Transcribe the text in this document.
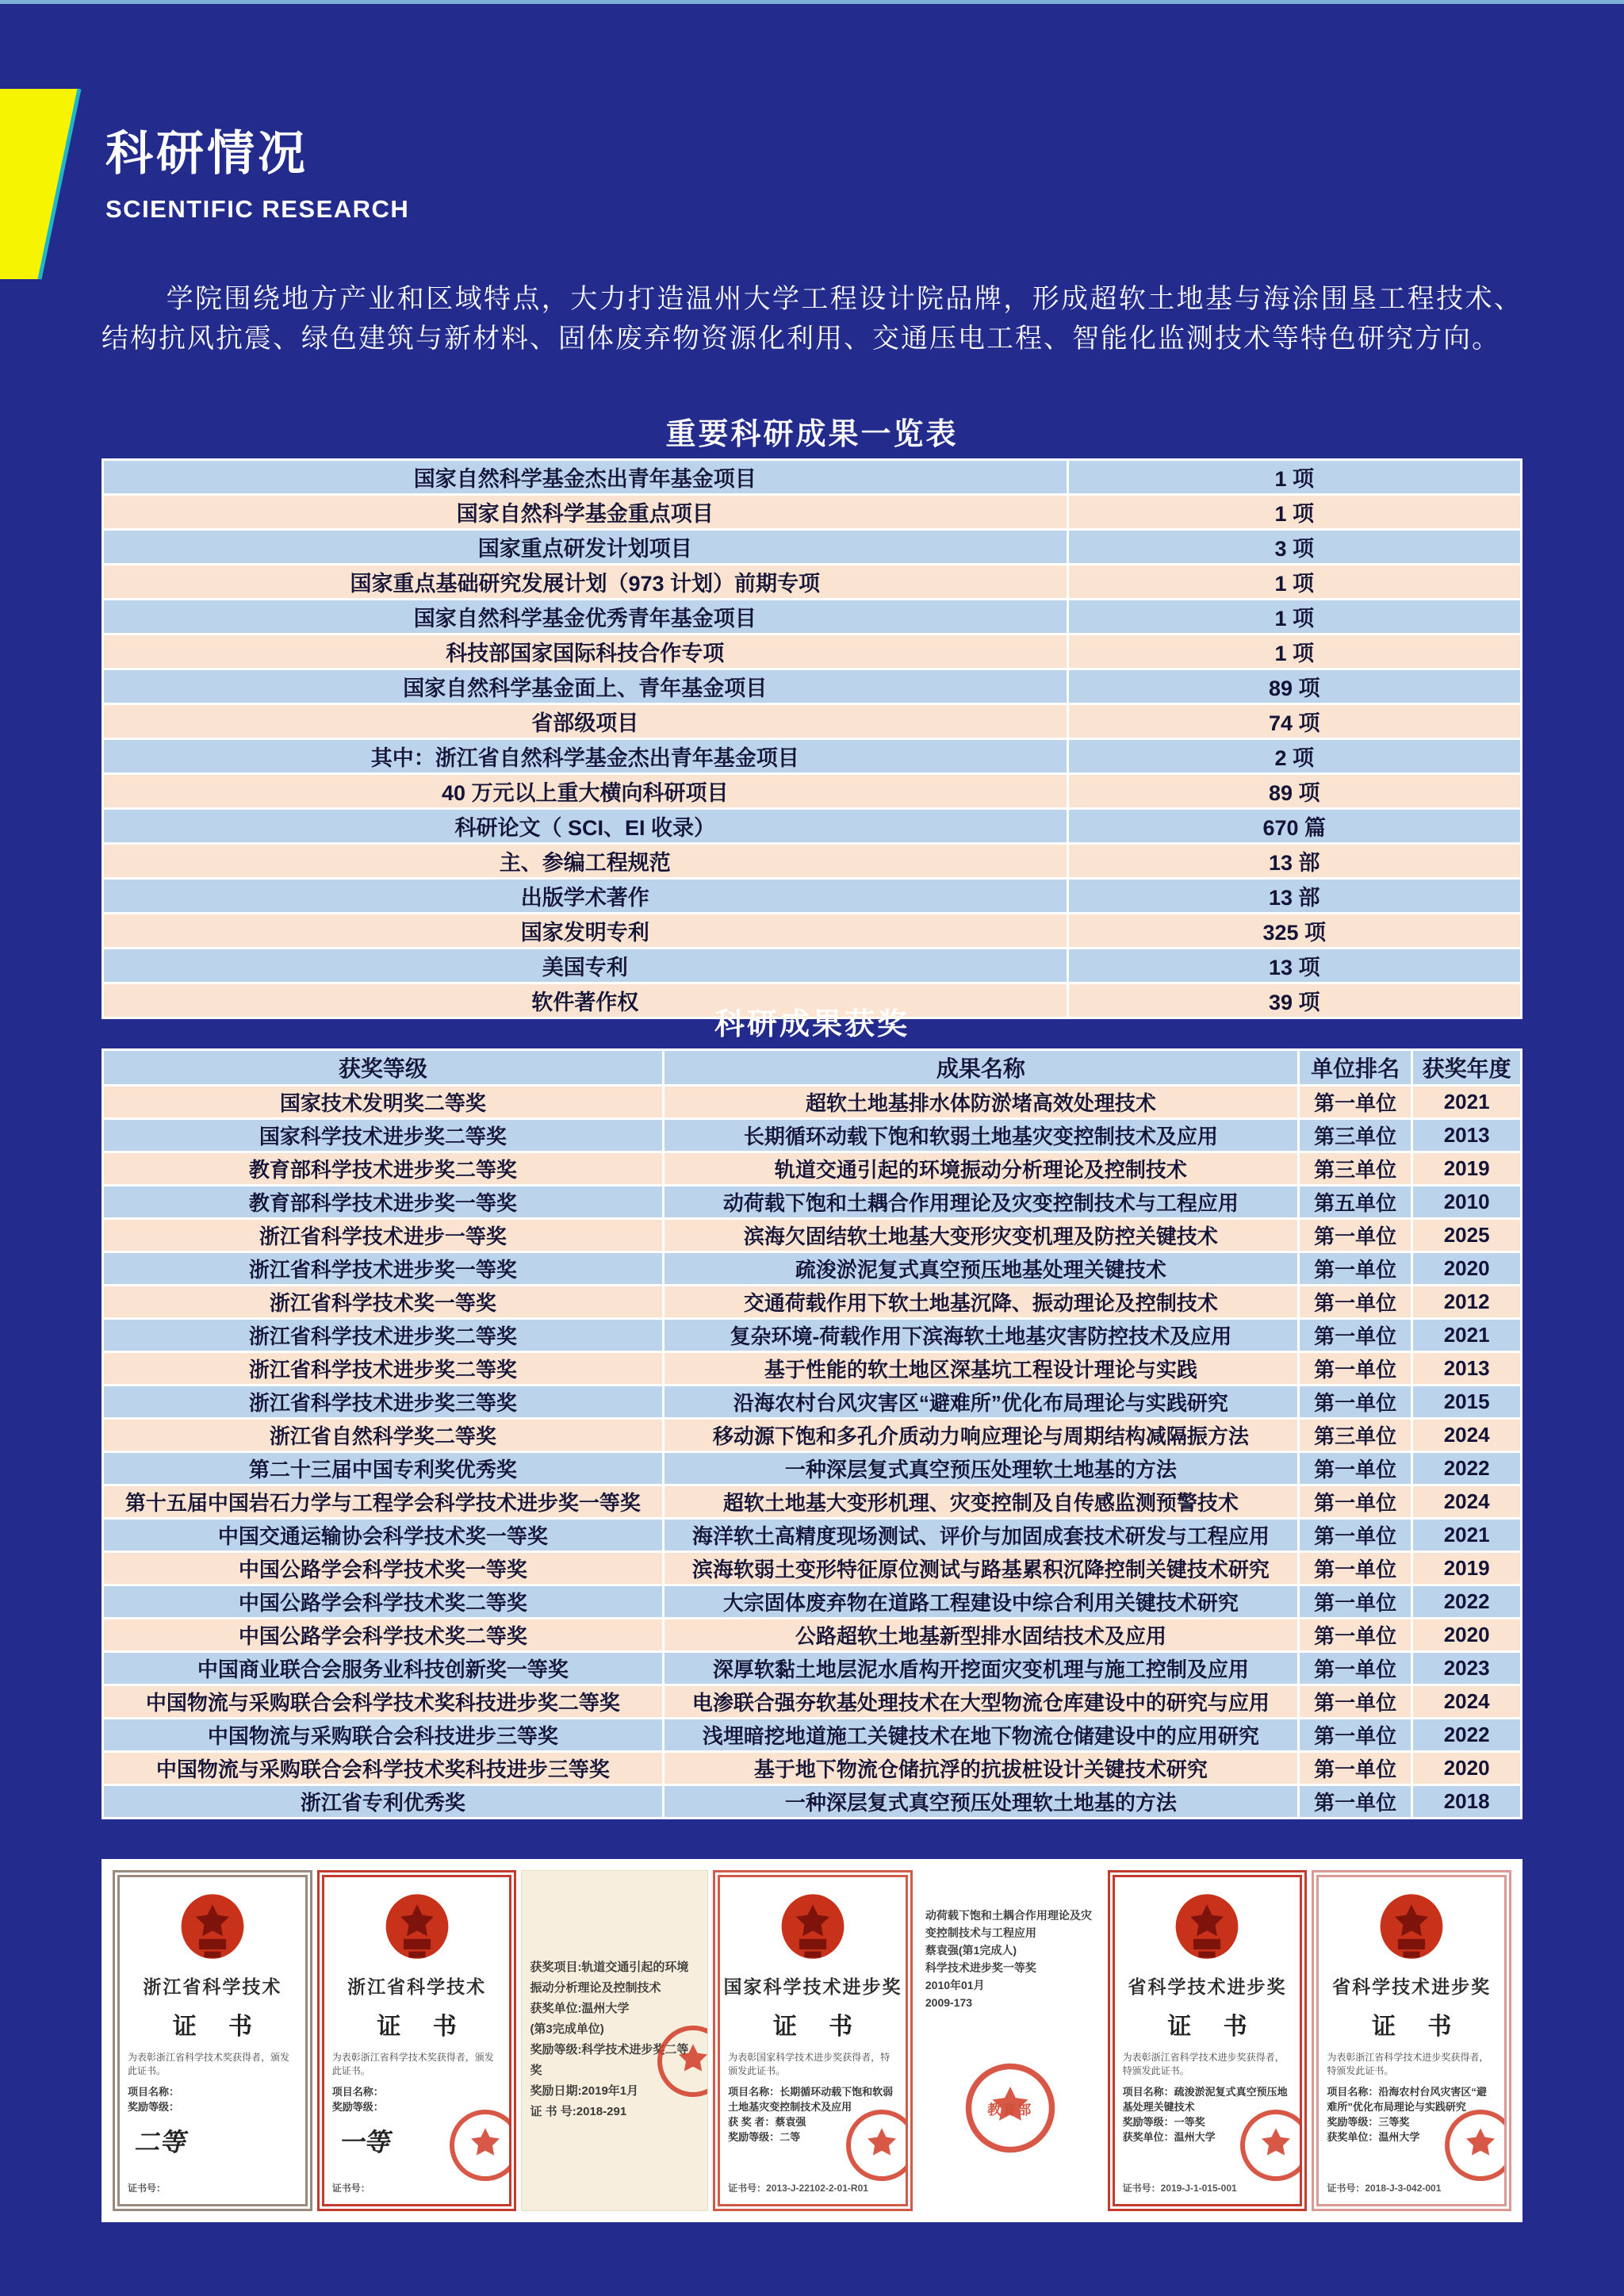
科研情况
SCIENTIFIC RESEARCH
学院围绕地方产业和区域特点，大力打造温州大学工程设计院品牌，形成超软土地基与海涂围垦工程技术、结构抗风抗震、绿色建筑与新材料、固体废弃物资源化利用、交通压电工程、智能化监测技术等特色研究方向。
重要科研成果一览表
国家自然科学基金杰出青年基金项目	1 项
国家自然科学基金重点项目	1 项
国家重点研发计划项目	3 项
国家重点基础研究发展计划（973 计划）前期专项	1 项
国家自然科学基金优秀青年基金项目	1 项
科技部国家国际科技合作专项	1 项
国家自然科学基金面上、青年基金项目	89 项
省部级项目	74 项
其中：浙江省自然科学基金杰出青年基金项目	2 项
40 万元以上重大横向科研项目	89 项
科研论文（ SCI、EI 收录）	670 篇
主、参编工程规范	13 部
出版学术著作	13 部
国家发明专利	325 项
美国专利	13 项
软件著作权	39 项
科研成果获奖
获奖等级	成果名称	单位排名	获奖年度
国家技术发明奖二等奖	超软土地基排水体防淤堵高效处理技术	第一单位	2021
国家科学技术进步奖二等奖	长期循环动载下饱和软弱土地基灾变控制技术及应用	第三单位	2013
教育部科学技术进步奖二等奖	轨道交通引起的环境振动分析理论及控制技术	第三单位	2019
教育部科学技术进步奖一等奖	动荷载下饱和土耦合作用理论及灾变控制技术与工程应用	第五单位	2010
浙江省科学技术进步一等奖	滨海欠固结软土地基大变形灾变机理及防控关键技术	第一单位	2025
浙江省科学技术进步奖一等奖	疏浚淤泥复式真空预压地基处理关键技术	第一单位	2020
浙江省科学技术奖一等奖	交通荷载作用下软土地基沉降、振动理论及控制技术	第一单位	2012
浙江省科学技术进步奖二等奖	复杂环境-荷载作用下滨海软土地基灾害防控技术及应用	第一单位	2021
浙江省科学技术进步奖二等奖	基于性能的软土地区深基坑工程设计理论与实践	第一单位	2013
浙江省科学技术进步奖三等奖	沿海农村台风灾害区“避难所”优化布局理论与实践研究	第一单位	2015
浙江省自然科学奖二等奖	移动源下饱和多孔介质动力响应理论与周期结构减隔振方法	第三单位	2024
第二十三届中国专利奖优秀奖	一种深层复式真空预压处理软土地基的方法	第一单位	2022
第十五届中国岩石力学与工程学会科学技术进步奖一等奖	超软土地基大变形机理、灾变控制及自传感监测预警技术	第一单位	2024
中国交通运输协会科学技术奖一等奖	海洋软土高精度现场测试、评价与加固成套技术研发与工程应用	第一单位	2021
中国公路学会科学技术奖一等奖	滨海软弱土变形特征原位测试与路基累积沉降控制关键技术研究	第一单位	2019
中国公路学会科学技术奖二等奖	大宗固体废弃物在道路工程建设中综合利用关键技术研究	第一单位	2022
中国公路学会科学技术奖二等奖	公路超软土地基新型排水固结技术及应用	第一单位	2020
中国商业联合会服务业科技创新奖一等奖	深厚软黏土地层泥水盾构开挖面灾变机理与施工控制及应用	第一单位	2023
中国物流与采购联合会科学技术奖科技进步奖二等奖	电渗联合强夯软基处理技术在大型物流仓库建设中的研究与应用	第一单位	2024
中国物流与采购联合会科技进步三等奖	浅埋暗挖地道施工关键技术在地下物流仓储建设中的应用研究	第一单位	2022
中国物流与采购联合会科学技术奖科技进步三等奖	基于地下物流仓储抗浮的抗拔桩设计关键技术研究	第一单位	2020
浙江省专利优秀奖	一种深层复式真空预压处理软土地基的方法	第一单位	2018
浙江省科学技术
证 书
为表彰浙江省科学技术奖获得者，颁发此证书。
项目名称：
奖励等级：
二等
证书号：
浙江省科学技术
证 书
为表彰浙江省科学技术奖获得者，颁发此证书。
项目名称：
奖励等级：
一等
证书号：
获奖项目:轨道交通引起的环境振动分析理论及控制技术
获奖单位:温州大学
(第3完成单位)
奖励等级:科学技术进步奖二等奖
奖励日期:2019年1月
证 书 号:2018-291
国家科学技术进步奖
证 书
为表彰国家科学技术进步奖获得者，特颁发此证书。
项目名称：长期循环动载下饱和软弱土地基灾变控制技术及应用
获 奖 者：蔡袁强
奖励等级：二等
证书号：2013-J-22102-2-01-R01
动荷载下饱和土耦合作用理论及灾变控制技术与工程应用
蔡袁强(第1完成人)
科学技术进步奖一等奖
2010年01月
2009-173
教育部
省科学技术进步奖
证 书
为表彰浙江省科学技术进步奖获得者，特颁发此证书。
项目名称：疏浚淤泥复式真空预压地基处理关键技术
奖励等级：一等奖
获奖单位：温州大学
证书号：2019-J-1-015-001
省科学技术进步奖
证 书
为表彰浙江省科学技术进步奖获得者，特颁发此证书。
项目名称：沿海农村台风灾害区“避难所”优化布局理论与实践研究
奖励等级：三等奖
获奖单位：温州大学
证书号：2018-J-3-042-001
